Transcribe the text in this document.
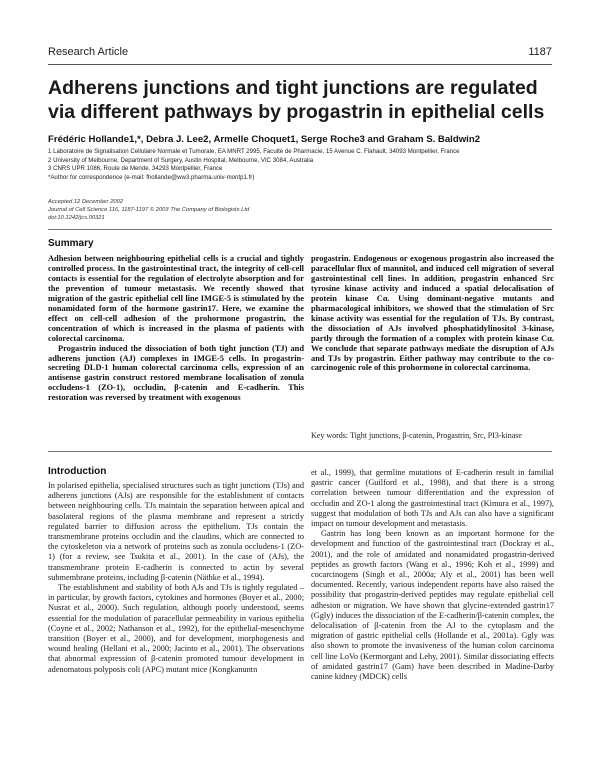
Research Article	1187
Adherens junctions and tight junctions are regulated via different pathways by progastrin in epithelial cells
Frédéric Hollande1,*, Debra J. Lee2, Armelle Choquet1, Serge Roche3 and Graham S. Baldwin2
1 Laboratoire de Signalisation Cellulaire Normale et Tumorale, EA MNRT 2995, Faculté de Pharmacie, 15 Avenue C. Flahault, 34093 Montpellier, France
2 University of Melbourne, Department of Surgery, Austin Hospital, Melbourne, VIC 3084, Australia
3 CNRS UPR 1086, Route de Mende, 34293 Montpellier, France
*Author for correspondence (e-mail: fhollande@ww3.pharma.univ-montp1.fr)
Accepted 12 December 2002
Journal of Cell Science 116, 1187-1197 © 2003 The Company of Biologists Ltd
doi:10.1242/jcs.00321
Summary

Adhesion between neighbouring epithelial cells is a crucial and tightly controlled process. In the gastrointestinal tract, the integrity of cell-cell contacts is essential for the regulation of electrolyte absorption and for the prevention of tumour metastasis. We recently showed that migration of the gastric epithelial cell line IMGE-5 is stimulated by the nonamidated form of the hormone gastrin17. Here, we examine the effect on cell-cell adhesion of the prohormone progastrin, the concentration of which is increased in the plasma of patients with colorectal carcinoma.

Progastrin induced the dissociation of both tight junction (TJ) and adherens junction (AJ) complexes in IMGE-5 cells. In progastrin-secreting DLD-1 human colorectal carcinoma cells, expression of an antisense gastrin construct restored membrane localisation of zonula occludens-1 (ZO-1), occludin, β-catenin and E-cadherin. This restoration was reversed by treatment with exogenous

progastrin. Endogenous or exogenous progastrin also increased the paracellular flux of mannitol, and induced cell migration of several gastrointestinal cell lines. In addition, progastrin enhanced Src tyrosine kinase activity and induced a spatial delocalisation of protein kinase Cα. Using dominant-negative mutants and pharmacological inhibitors, we showed that the stimulation of Src kinase activity was essential for the regulation of TJs. By contrast, the dissociation of AJs involved phosphatidylinositol 3-kinase, partly through the formation of a complex with protein kinase Cα. We conclude that separate pathways mediate the disruption of AJs and TJs by progastrin. Either pathway may contribute to the co-carcinogenic role of this prohormone in colorectal carcinoma.

Key words: Tight junctions, β-catenin, Progastrin, Src, PI3-kinase
Introduction

In polarised epithelia, specialised structures such as tight junctions (TJs) and adherens junctions (AJs) are responsible for the establishment of contacts between neighbouring cells. TJs maintain the separation between apical and basolateral regions of the plasma membrane and represent a strictly regulated barrier to diffusion across the epithelium. TJs contain the transmembrane proteins occludin and the claudins, which are connected to the cytoskeleton via a network of proteins such as zonula occludens-1 (ZO-1) (for a review, see Tsukita et al., 2001). In the case of (AJs), the transmembrane protein E-cadherin is connected to actin by several submembrane proteins, including β-catenin (Näthke et al., 1994).

The establishment and stability of both AJs and TJs is tightly regulated – in particular, by growth factors, cytokines and hormones (Boyer et al., 2000; Nusrat et al., 2000). Such regulation, although poorly understood, seems essential for the modulation of paracellular permeability in various epithelia (Coyne et al., 2002; Nathanson et al., 1992), for the epithelial-mesenchyme transition (Boyer et al., 2000), and for development, morphogenesis and wound healing (Hellani et al., 2000; Jacinto et al., 2001). The observations that abnormal expression of β-catenin promoted tumour development in adenomatous polyposis coli (APC) mutant mice (Kongkanuntn

et al., 1999), that germline mutations of E-cadherin result in familial gastric cancer (Guilford et al., 1998), and that there is a strong correlation between tumour differentiation and the expression of occludin and ZO-1 along the gastrointestinal tract (Kimura et al., 1997), suggest that modulation of both TJs and AJs can also have a significant impact on tumour development and metastasis.

Gastrin has long been known as an important hormone for the development and function of the gastrointestinal tract (Dockray et al., 2001), and the role of amidated and nonamidated progastrin-derived peptides as growth factors (Wang et al., 1996; Koh et al., 1999) and cocarcinogens (Singh et al., 2000a; Aly et al., 2001) has been well documented. Recently, various independent reports have also raised the possibility that progastrin-derived peptides may regulate epithelial cell adhesion or migration. We have shown that glycine-extended gastrin17 (Ggly) induces the dissociation of the E-cadherin/β-catenin complex, the delocalisation of β-catenin from the AJ to the cytoplasm and the migration of gastric epithelial cells (Hollande et al., 2001a). Ggly was also shown to promote the invasiveness of the human colon carcinoma cell line LoVo (Kermorgant and Lehy, 2001). Similar dissociating effects of amidated gastrin17 (Gam) have been described in Madine-Darby canine kidney (MDCK) cells
